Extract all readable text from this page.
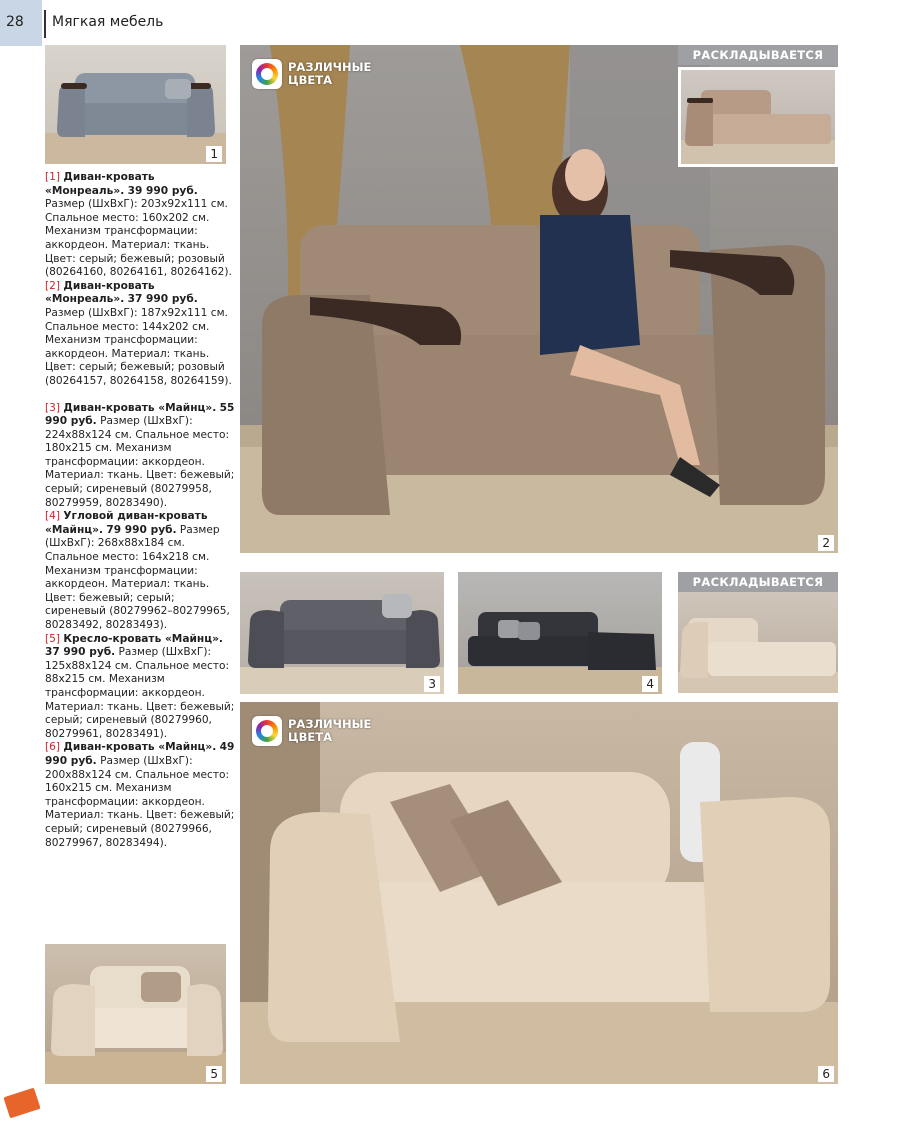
28 Мягкая мебель
1
РАЗЛИЧНЫЕ
ЦВЕТА
2
РАСКЛАДЫВАЕТСЯ

[1] Диван-кровать «Монреаль». 39 990 руб. Размер (ШхВхГ): 203х92х111 см. Спальное место: 160х202 см. Механизм трансформации: аккордеон. Материал: ткань. Цвет: серый; бежевый; розовый (80264160, 80264161, 80264162).

[2] Диван-кровать «Монреаль». 37 990 руб. Размер (ШхВхГ): 187х92х111 см. Спальное место: 144х202 см. Механизм трансформации: аккордеон. Материал: ткань. Цвет: серый; бежевый; розовый (80264157, 80264158, 80264159).

[3] Диван-кровать «Майнц». 55 990 руб. Размер (ШхВхГ): 224х88х124 см. Спальное место: 180х215 см. Механизм трансформации: аккордеон. Материал: ткань. Цвет: бежевый; серый; сиреневый (80279958, 80279959, 80283490).

[4] Угловой диван-кровать «Майнц». 79 990 руб. Размер (ШхВхГ): 268х88х184 см. Спальное место: 164х218 см. Механизм трансформации: аккордеон. Материал: ткань. Цвет: бежевый; серый; сиреневый (80279962–80279965, 80283492, 80283493).

[5] Кресло-кровать «Майнц». 37 990 руб. Размер (ШхВхГ): 125х88х124 см. Спальное место: 88х215 см. Механизм трансформации: аккордеон. Материал: ткань. Цвет: бежевый; серый; сиреневый (80279960, 80279961, 80283491).

[6] Диван-кровать «Майнц». 49 990 руб. Размер (ШхВхГ): 200х88х124 см. Спальное место: 160х215 см. Механизм трансформации: аккордеон. Материал: ткань. Цвет: бежевый; серый; сиреневый (80279966, 80279967, 80283494).

3	4
РАСКЛАДЫВАЕТСЯ
5
РАЗЛИЧНЫЕ
ЦВЕТА
6
